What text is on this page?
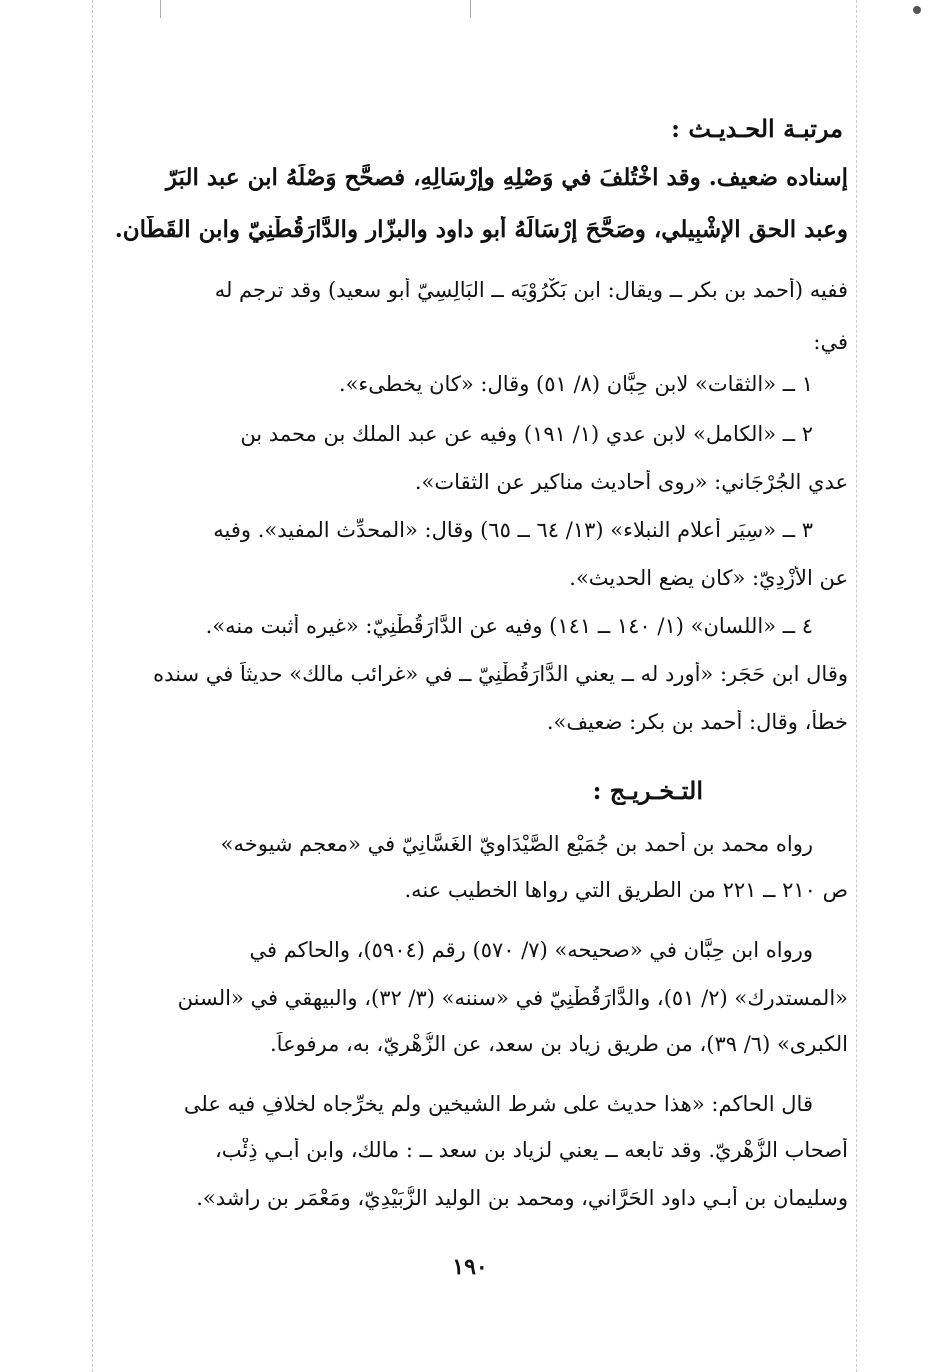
مرتبـة الحـديـث :
إسناده ضعيف. وقد اخْتُلفَ في وَصْلِهِ وإرْسَالِهِ، فصحَّح وَصْلَهُ ابن عبد البَرّ
وعبد الحق الإشْبِيلي، وصَحَّحَ إرْسَالَهُ أبو داود والبزّار والدَّارَقُطْنِيّ وابن القَطَّان.
ففيه (أحمد بن بكر ــ ويقال: ابن بَكْرُوْيَه ــ البَالِسِيّ أبو سعيد) وقد ترجم له
في:
١ ــ «الثقات» لابن حِبَّان (٨/ ٥١) وقال: «كان يخطىء».
٢ ــ «الكامل» لابن عدي (١/ ١٩١) وفيه عن عبد الملك بن محمد بن
عدي الجُرْجَاني: «روى أحاديث مناكير عن الثقات».
٣ ــ «سِيَر أعلام النبلاء» (١٣/ ٦٤ ــ ٦٥) وقال: «المحدِّث المفيد». وفيه
عن الأَزْدِيّ: «كان يضع الحديث».
٤ ــ «اللسان» (١/ ١٤٠ ــ ١٤١) وفيه عن الدَّارَقُطْنِيّ: «غيره أثبت منه».
وقال ابن حَجَر: «أورد له ــ يعني الدَّارَقُطْنِيّ ــ في «غرائب مالك» حديثاً في سنده
خطأ، وقال: أحمد بن بكر: ضعيف».
التـخـريـج :
رواه محمد بن أحمد بن جُمَيْع الصَّيْدَاوِيّ الغَسَّانِيّ في «معجم شيوخه»
ص ٢١٠ ــ ٢٢١ من الطريق التي رواها الخطيب عنه.
ورواه ابن حِبَّان في «صحيحه» (٧/ ٥٧٠) رقم (٥٩٠٤)، والحاكم في
«المستدرك» (٢/ ٥١)، والدَّارَقُطْنِيّ في «سننه» (٣/ ٣٢)، والبيهقي في «السنن
الكبرى» (٦/ ٣٩)، من طريق زياد بن سعد، عن الزُّهْرِيّ، به، مرفوعاً.
قال الحاكم: «هذا حديث على شرط الشيخين ولم يخرِّجاه لخلافٍ فيه على
أصحاب الزُّهْرِيّ. وقد تابعه ــ يعني لزياد بن سعد ــ : مالك، وابن أبـي ذِئْب،
وسليمان بن أبـي داود الحَرَّاني، ومحمد بن الوليد الزُّبَيْدِيّ، ومَعْمَر بن راشد».
١٩٠
